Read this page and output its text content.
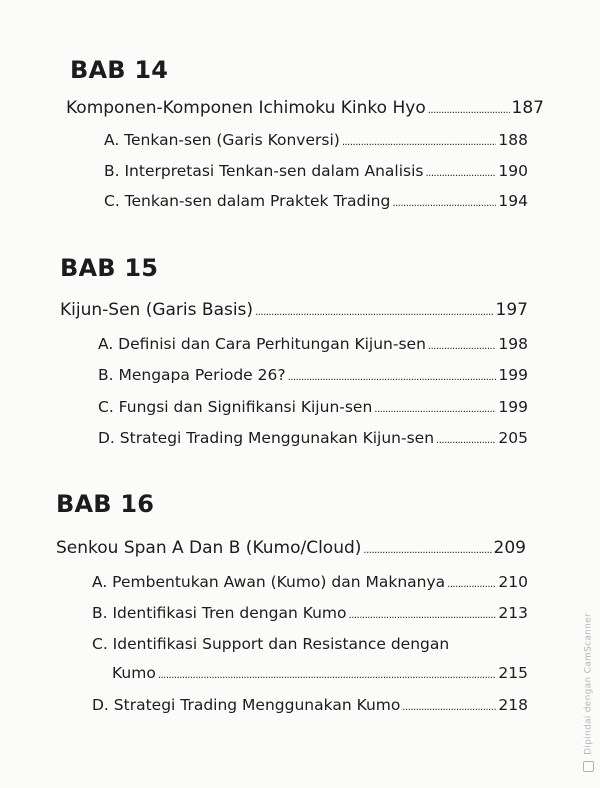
BAB 14
Komponen-Komponen Ichimoku Kinko Hyo .....	187
A. Tenkan-sen (Garis Konversi) .....	188
B. Interpretasi Tenkan-sen dalam Analisis .....	190
C. Tenkan-sen dalam Praktek Trading .....	194
BAB 15
Kijun-Sen (Garis Basis) .....	197
A. Definisi dan Cara Perhitungan Kijun-sen .....	198
B. Mengapa Periode 26? .....	199
C. Fungsi dan Signifikansi Kijun-sen .....	199
D. Strategi Trading Menggunakan Kijun-sen .....	205
BAB 16
Senkou Span A Dan B (Kumo/Cloud) .....	209
A. Pembentukan Awan (Kumo) dan Maknanya .....	210
B. Identifikasi Tren dengan Kumo .....	213
C. Identifikasi Support dan Resistance dengan
Kumo .....	215
D. Strategi Trading Menggunakan Kumo .....	218	Dipindai dengan CamScanner
